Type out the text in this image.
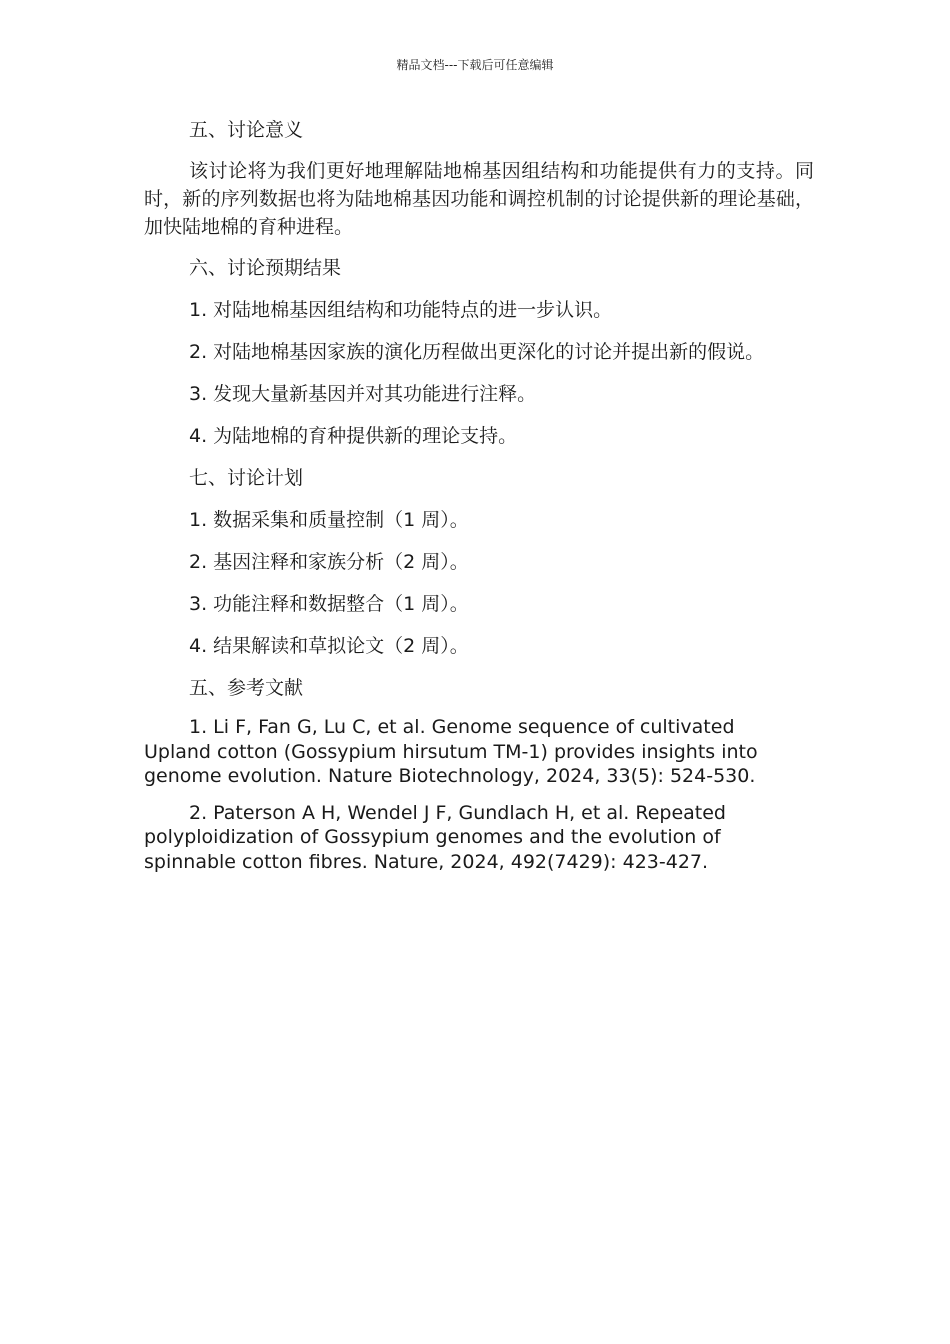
精品文档---下载后可任意编辑

五、讨论意义

该讨论将为我们更好地理解陆地棉基因组结构和功能提供有力的支持。同时，新的序列数据也将为陆地棉基因功能和调控机制的讨论提供新的理论基础，加快陆地棉的育种进程。

六、讨论预期结果

1. 对陆地棉基因组结构和功能特点的进一步认识。

2. 对陆地棉基因家族的演化历程做出更深化的讨论并提出新的假说。

3. 发现大量新基因并对其功能进行注释。

4. 为陆地棉的育种提供新的理论支持。

七、讨论计划

1. 数据采集和质量控制（1 周）。

2. 基因注释和家族分析（2 周）。

3. 功能注释和数据整合（1 周）。

4. 结果解读和草拟论文（2 周）。

五、参考文献

1. Li F, Fan G, Lu C, et al. Genome sequence of cultivated Upland cotton (Gossypium hirsutum TM-1) provides insights into genome evolution. Nature Biotechnology, 2024, 33(5): 524-530.

2. Paterson A H, Wendel J F, Gundlach H, et al. Repeated polyploidization of Gossypium genomes and the evolution of spinnable cotton fibres. Nature, 2024, 492(7429): 423-427.
